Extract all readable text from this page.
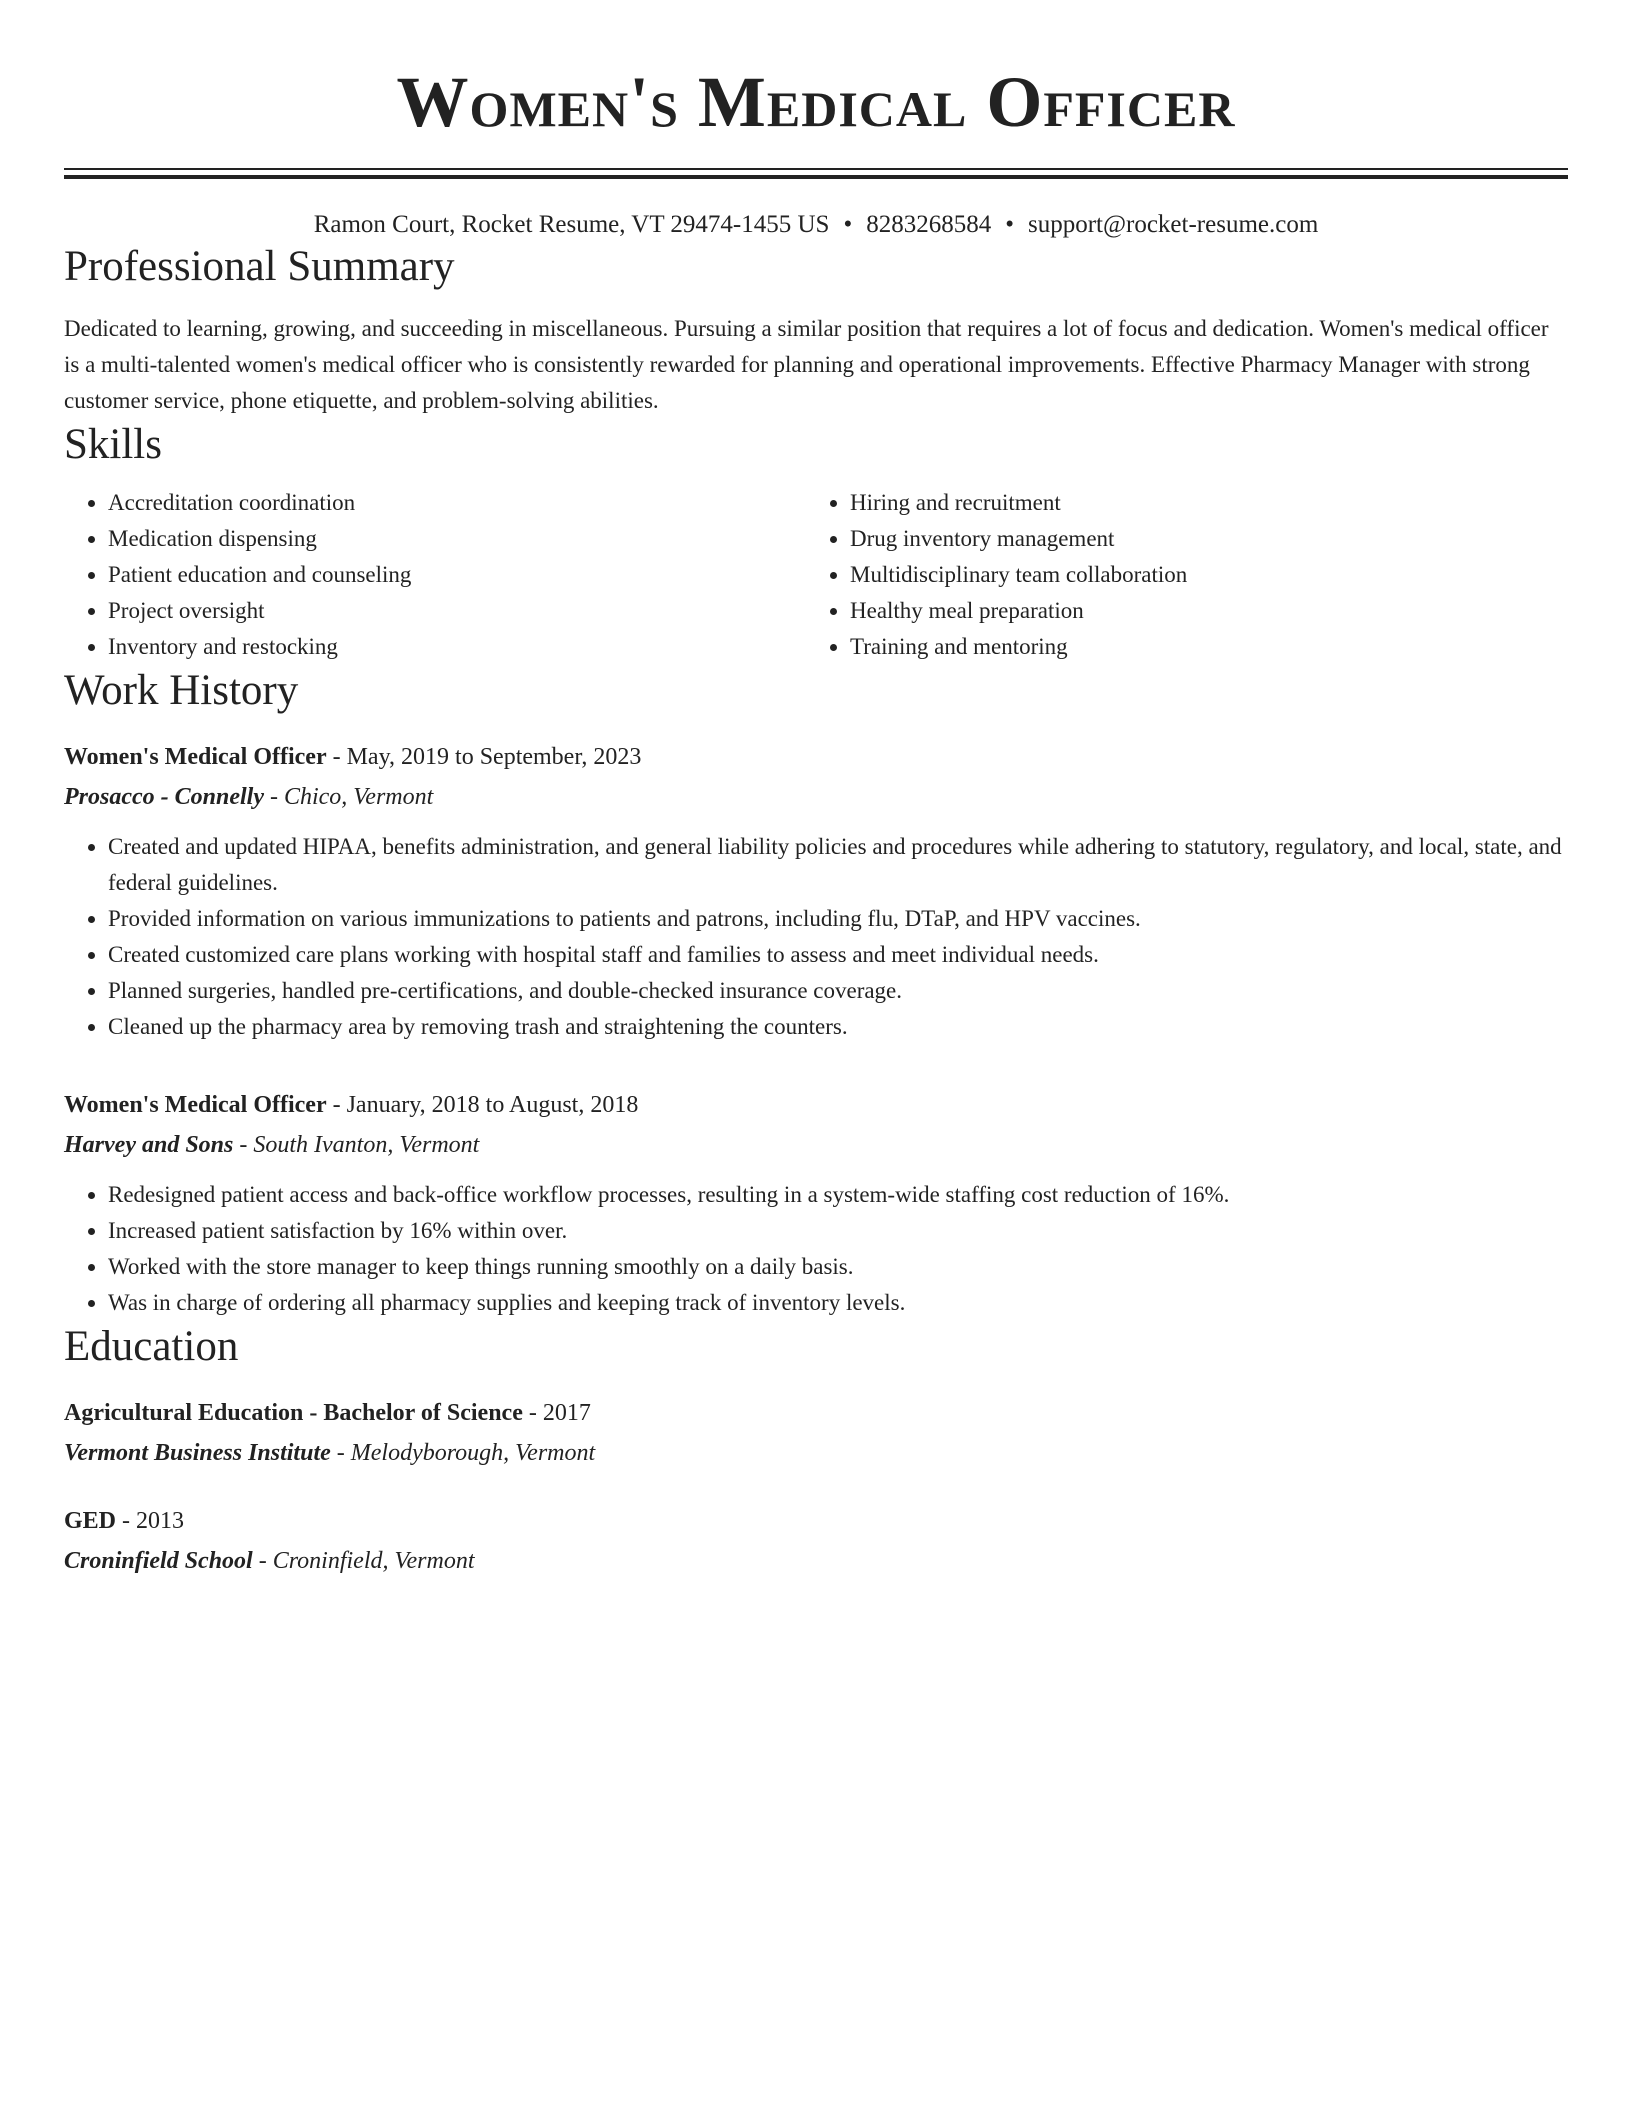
Women's Medical Officer
Ramon Court, Rocket Resume, VT 29474-1455 US • 8283268584 • support@rocket-resume.com
Professional Summary

Dedicated to learning, growing, and succeeding in miscellaneous. Pursuing a similar position that requires a lot of focus and dedication. Women's medical officer is a multi-talented women's medical officer who is consistently rewarded for planning and operational improvements. Effective Pharmacy Manager with strong customer service, phone etiquette, and problem-solving abilities.

Skills
• Accreditation coordination
• Medication dispensing
• Patient education and counseling
• Project oversight
• Inventory and restocking
• Hiring and recruitment
• Drug inventory management
• Multidisciplinary team collaboration
• Healthy meal preparation
• Training and mentoring
Work History
Women's Medical Officer - May, 2019 to September, 2023
Prosacco - Connelly - Chico, Vermont
• Created and updated HIPAA, benefits administration, and general liability policies and procedures while adhering to statutory, regulatory, and local, state, and federal guidelines.
• Provided information on various immunizations to patients and patrons, including flu, DTaP, and HPV vaccines.
• Created customized care plans working with hospital staff and families to assess and meet individual needs.
• Planned surgeries, handled pre-certifications, and double-checked insurance coverage.
• Cleaned up the pharmacy area by removing trash and straightening the counters.
Women's Medical Officer - January, 2018 to August, 2018
Harvey and Sons - South Ivanton, Vermont
• Redesigned patient access and back-office workflow processes, resulting in a system-wide staffing cost reduction of 16%.
• Increased patient satisfaction by 16% within over.
• Worked with the store manager to keep things running smoothly on a daily basis.
• Was in charge of ordering all pharmacy supplies and keeping track of inventory levels.
Education
Agricultural Education - Bachelor of Science - 2017
Vermont Business Institute - Melodyborough, Vermont
GED - 2013
Croninfield School - Croninfield, Vermont
